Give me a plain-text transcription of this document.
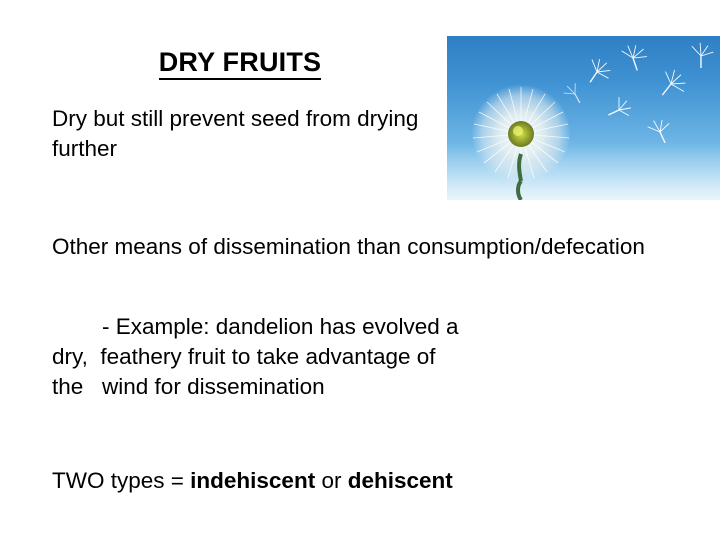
DRY FRUITS
Dry but still prevent seed from drying further
Other means of dissemination than consumption/defecation
- Example: dandelion has evolved a
dry,  feathery fruit to take advantage of
the   wind for dissemination
TWO types = indehiscent or dehiscent
